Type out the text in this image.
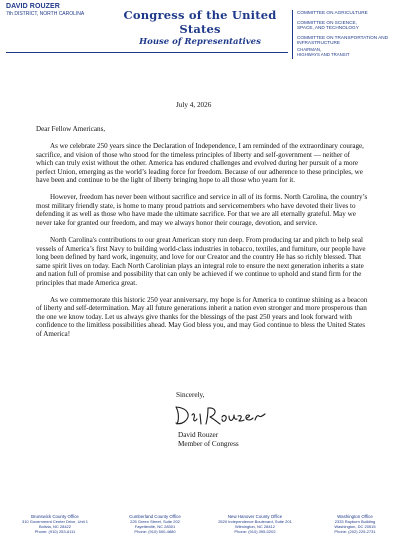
DAVID ROUZER
7th DISTRICT, NORTH CAROLINA	Congress of the United States
House of Representatives
COMMITTEE ON AGRICULTURE
COMMITTEE ON SCIENCE,
SPACE, AND TECHNOLOGY
COMMITTEE ON TRANSPORTATION AND
INFRASTRUCTURE
CHAIRMAN,
HIGHWAYS AND TRANSIT
July 4, 2026

Dear Fellow Americans,

As we celebrate 250 years since the Declaration of Independence, I am reminded of the extraordinary courage, sacrifice, and vision of those who stood for the timeless principles of liberty and self-government — neither of which can truly exist without the other. America has endured challenges and evolved during her pursuit of a more perfect Union, emerging as the world’s leading force for freedom. Because of our adherence to these principles, we have been and continue to be the light of liberty bringing hope to all those who yearn for it.

However, freedom has never been without sacrifice and service in all of its forms. North Carolina, the country’s most military friendly state, is home to many proud patriots and servicemembers who have devoted their lives to defending it as well as those who have made the ultimate sacrifice. For that we are all eternally grateful. May we never take for granted our freedom, and may we always honor their courage, devotion, and service.

North Carolina's contributions to our great American story run deep. From producing tar and pitch to help seal vessels of America’s first Navy to building world-class industries in tobacco, textiles, and furniture, our people have long been defined by hard work, ingenuity, and love for our Creator and the country He has so richly blessed. That same spirit lives on today. Each North Carolinian plays an integral role to ensure the next generation inherits a state and nation full of promise and possibility that can only be achieved if we continue to uphold and stand firm for the principles that made America great.

As we commemorate this historic 250 year anniversary, my hope is for America to continue shining as a beacon of liberty and self-determination. May all future generations inherit a nation even stronger and more prosperous than the one we know today. Let us always give thanks for the blessings of the past 250 years and look forward with confidence to the limitless possibilities ahead. May God bless you, and may God continue to bless the United States of America!

Sincerely,
David Rouzer
Member of Congress
Brunswick County Office
310 Government Center Drive, Unit 1
Bolivia, NC 28422
Phone: (910) 253-6111
Cumberland County Office
225 Green Street, Suite 202
Fayetteville, NC 28301
Phone: (910) 500-4880
New Hanover County Office
2520 Independence Boulevard, Suite 201
Wilmington, NC 28412
Phone: (910) 395-0202
Washington Office
2333 Rayburn Building
Washington, DC 20515
Phone: (202) 225-2731
